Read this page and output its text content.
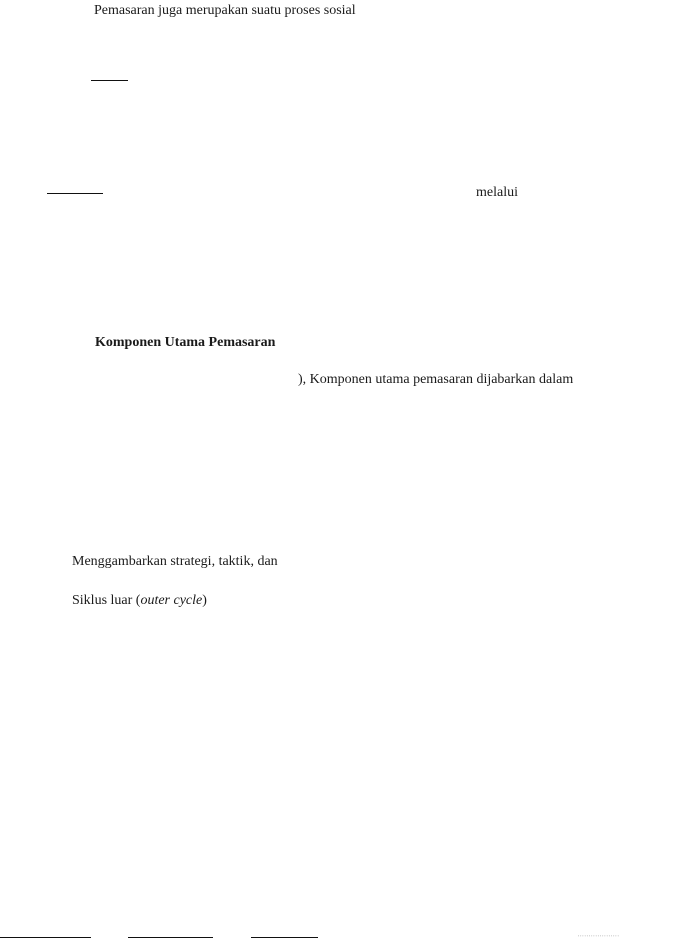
Pemasaran juga merupakan suatu proses sosial
melalui
Komponen Utama Pemasaran
), Komponen utama pemasaran dijabarkan dalam
Menggambarkan strategi, taktik, dan
Siklus luar (outer cycle)
• • • • • • • • • • • • • • • • • • •
